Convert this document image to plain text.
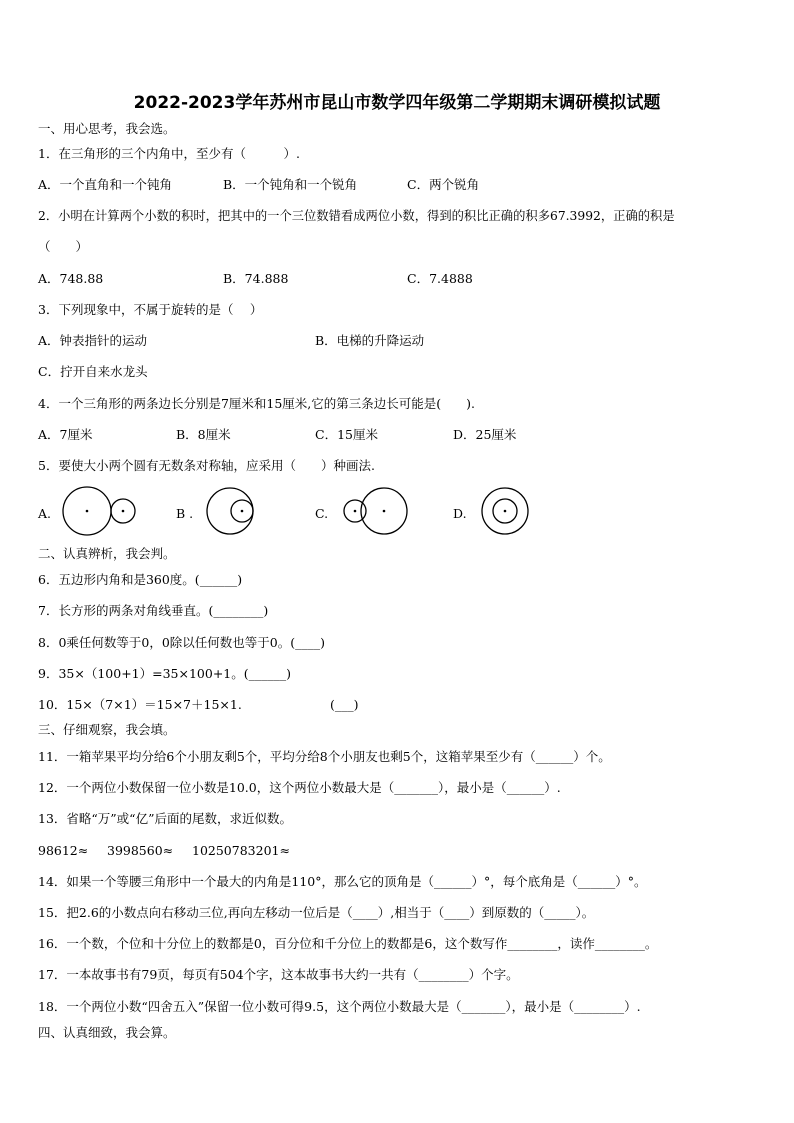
2022-2023学年苏州市昆山市数学四年级第二学期期末调研模拟试题
一、用心思考，我会选。
1．在三角形的三个内角中，至少有（　　　）.
A．一个直角和一个钝角	B．一个钝角和一个锐角	C．两个锐角
2．小明在计算两个小数的积时，把其中的一个三位数错看成两位小数，得到的积比正确的积多67.3992，正确的积是
（　　）
A．748.88	B．74.888	C．7.4888
3．下列现象中，不属于旋转的是（　 ）
A．钟表指针的运动	B．电梯的升降运动
C．拧开自来水龙头
4．一个三角形的两条边长分别是7厘米和15厘米,它的第三条边长可能是(　　).
A．7厘米	B．8厘米	C．15厘米	D．25厘米
5．要使大小两个圆有无数条对称轴，应采用（　　）种画法.
A.	B .	C.	D.
二、认真辨析，我会判。
6．五边形内角和是360度。(______)
7．长方形的两条对角线垂直。(________)
8．0乘任何数等于0，0除以任何数也等于0。(____)
9．35×（100+1）=35×100+1。(______)
10．15×（7×1）＝15×7＋15×1.	(___)
三、仔细观察，我会填。
11．一箱苹果平均分给6个小朋友剩5个，平均分给8个小朋友也剩5个，这箱苹果至少有（______）个。
12．一个两位小数保留一位小数是10.0，这个两位小数最大是（_______），最小是（______）.
13．省略“万”或“亿”后面的尾数，求近似数。
98612≈ 3998560≈ 10250783201≈
14．如果一个等腰三角形中一个最大的内角是110°，那么它的顶角是（______）°，每个底角是（______）°。
15．把2.6的小数点向右移动三位,再向左移动一位后是（____）,相当于（____）到原数的（_____）。
16．一个数，个位和十分位上的数都是0，百分位和千分位上的数都是6，这个数写作________，读作________。
17．一本故事书有79页，每页有504个字，这本故事书大约一共有（________）个字。
18．一个两位小数“四舍五入”保留一位小数可得9.5，这个两位小数最大是（_______），最小是（________）.
四、认真细致，我会算。
